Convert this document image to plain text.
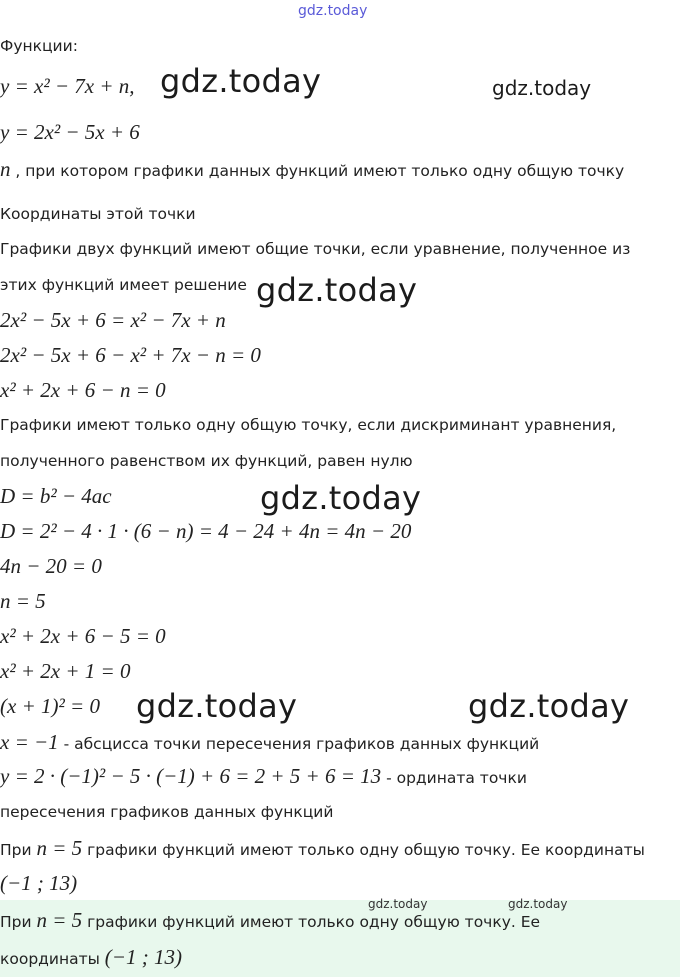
gdz.today
Функции:
y = x² − 7x + n,
y = 2x² − 5x + 6
n , при котором графики данных функций имеют только одну общую точку
Координаты этой точки
Графики двух функций имеют общие точки, если уравнение, полученное из
этих функций имеет решение
2x² − 5x + 6 = x² − 7x + n
2x² − 5x + 6 − x² + 7x − n = 0
x² + 2x + 6 − n = 0
Графики имеют только одну общую точку, если дискриминант уравнения,
полученного равенством их функций, равен нулю
D = b² − 4ac
D = 2² − 4 · 1 · (6 − n) = 4 − 24 + 4n = 4n − 20
4n − 20 = 0
n = 5
x² + 2x + 6 − 5 = 0
x² + 2x + 1 = 0
(x + 1)² = 0
x = −1 - абсцисса точки пересечения графиков данных функций
y = 2 · (−1)² − 5 · (−1) + 6 = 2 + 5 + 6 = 13 - ордината точки
пересечения графиков данных функций
При n = 5 графики функций имеют только одну общую точку. Ее координаты
(−1 ; 13)
При n = 5 графики функций имеют только одну общую точку. Ее
координаты (−1 ; 13)
gdz.today	gdz.today
gdz.today
gdz.today
gdz.today	gdz.today
gdz.today	gdz.today
